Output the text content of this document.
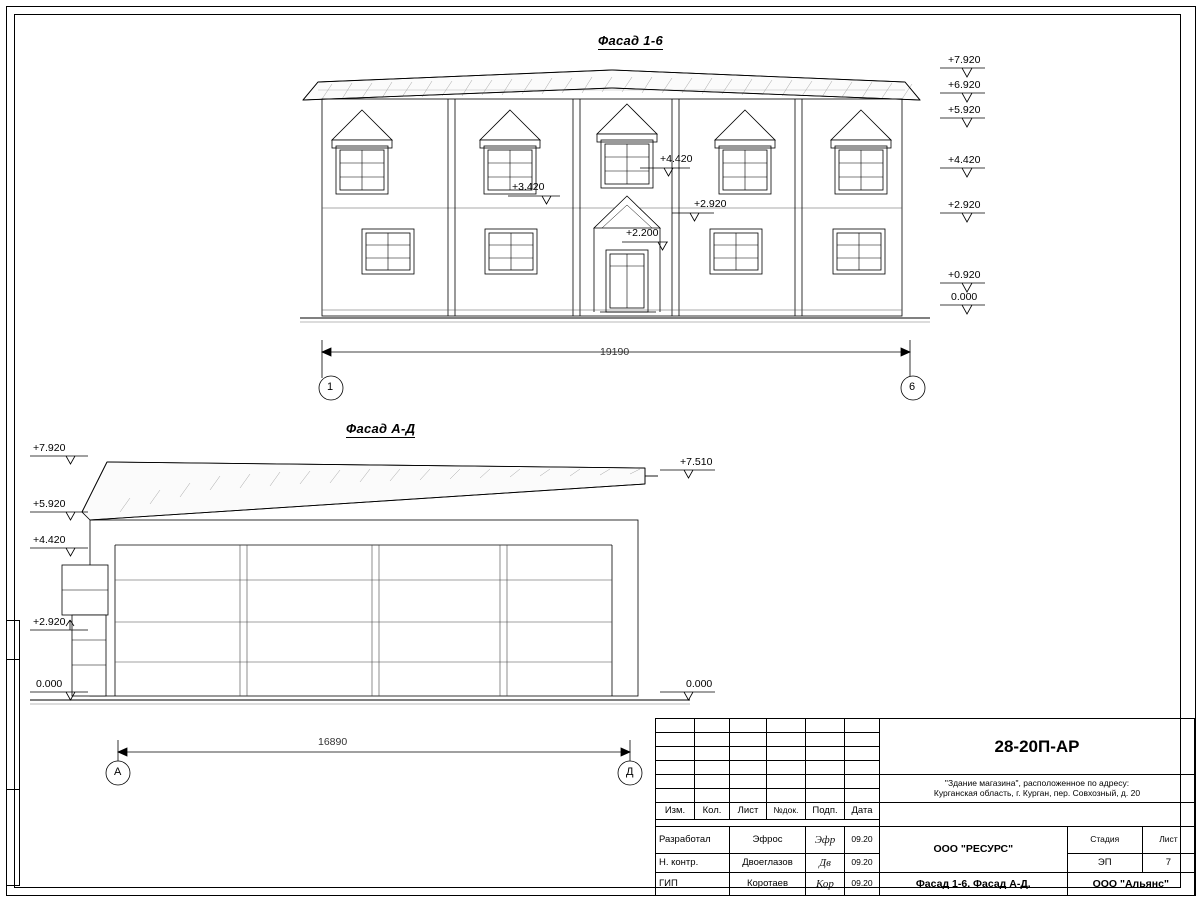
Фасад 1-6
Фасад А-Д
+7.920
+6.920
+5.920
+4.420
+2.920
+0.920
0.000
+4.420
+3.420
+2.920
+2.200
19190
1	6
+7.920
+5.920
+4.420
+2.920
0.000
+7.510
0.000
16890
А	Д
						28-20П-АР		

						"Здание магазина", расположенное по адресу:
Курганская область, г. Курган, пер. Совхозный, д. 20		

Изм.	Кол.	Лист	№док.	Подп.	Дата			

Разработал		Эфрос		Эфр	09.20	ООО "РЕСУРС"	Стадия	Лист
Н. контр.		Двоеглазов		Дв	09.20		ЭП	7
ГИП		Коротаев		Кор	09.20	Фасад 1-6. Фасад А-Д.	ООО "Альянс"	
